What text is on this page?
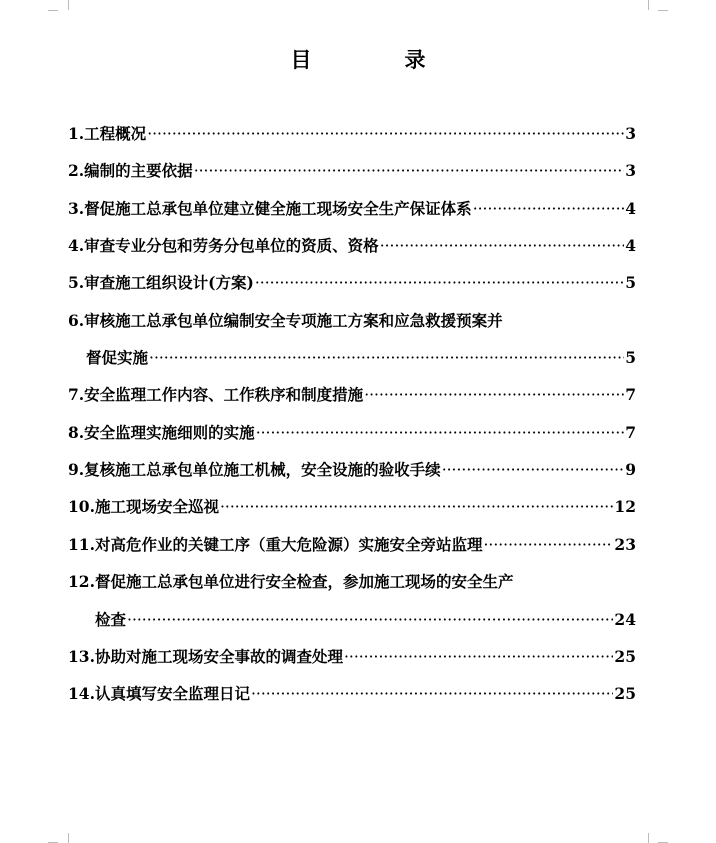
目　录
1.工程概况 ·····	3
2.编制的主要依据 ·····	3
3.督促施工总承包单位建立健全施工现场安全生产保证体系 ·····	4
4.审查专业分包和劳务分包单位的资质、资格 ·····	4
5.审查施工组织设计(方案) ·····	5
6.审核施工总承包单位编制安全专项施工方案和应急救援预案并
督促实施 ·····	5
7.安全监理工作内容、工作秩序和制度措施 ·····	7
8.安全监理实施细则的实施 ·····	7
9.复核施工总承包单位施工机械，安全设施的验收手续 ·····	9
10.施工现场安全巡视 ·····	12
11.对高危作业的关键工序（重大危险源）实施安全旁站监理 ·····	23
12.督促施工总承包单位进行安全检查，参加施工现场的安全生产
检查 ·····	24
13.协助对施工现场安全事故的调查处理 ·····	25
14.认真填写安全监理日记 ·····	25
